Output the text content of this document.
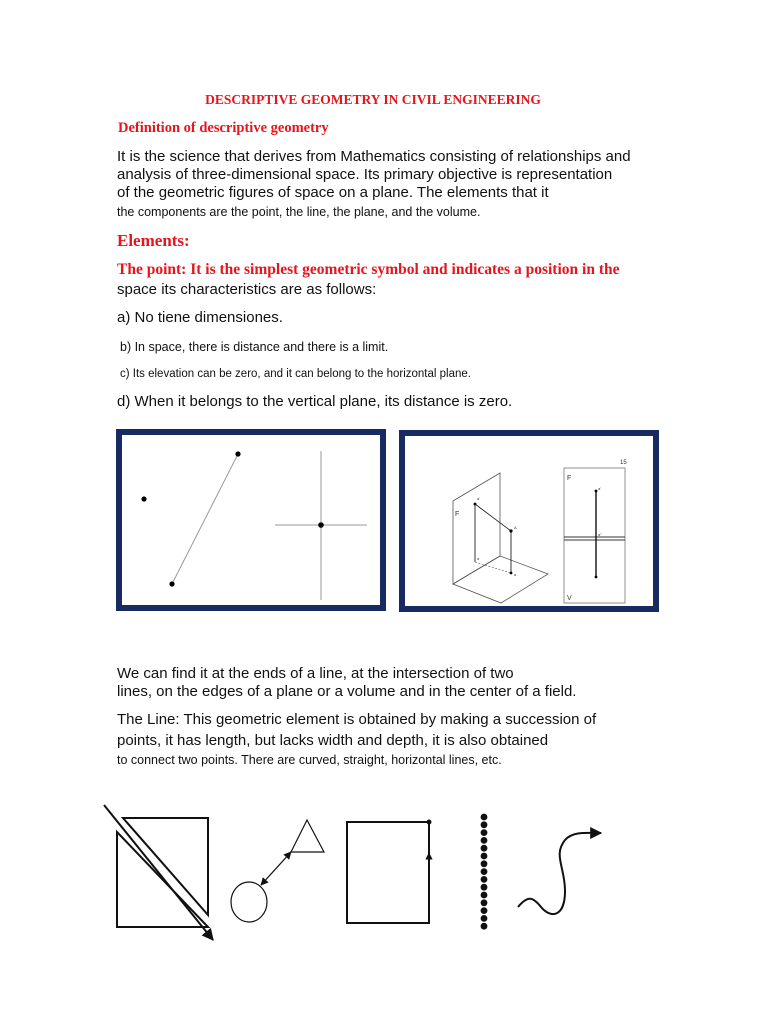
DESCRIPTIVE GEOMETRY IN CIVIL ENGINEERING

Definition of descriptive geometry

It is the science that derives from Mathematics consisting of relationships and

analysis of three-dimensional space. Its primary objective is representation

of the geometric figures of space on a plane. The elements that it

the components are the point, the line, the plane, and the volume.

Elements:

The point: It is the simplest geometric symbol and indicates a position in the

space its characteristics are as follows:

a) No tiene dimensiones.

b) In space, there is distance and there is a limit.

c) Its elevation can be zero, and it can belong to the horizontal plane.

d) When it belongs to the vertical plane, its distance is zero.

15
F
a'
A
a
a
F
V
a'
a''

We can find it at the ends of a line, at the intersection of two

lines, on the edges of a plane or a volume and in the center of a field.

The Line: This geometric element is obtained by making a succession of

points, it has length, but lacks width and depth, it is also obtained

to connect two points. There are curved, straight, horizontal lines, etc.
